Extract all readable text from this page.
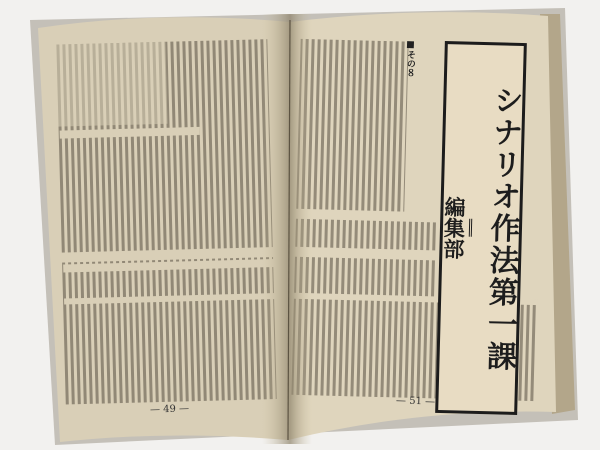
■その８
シナリオ作法第一課
編集部
— 49 —
— 51 —
